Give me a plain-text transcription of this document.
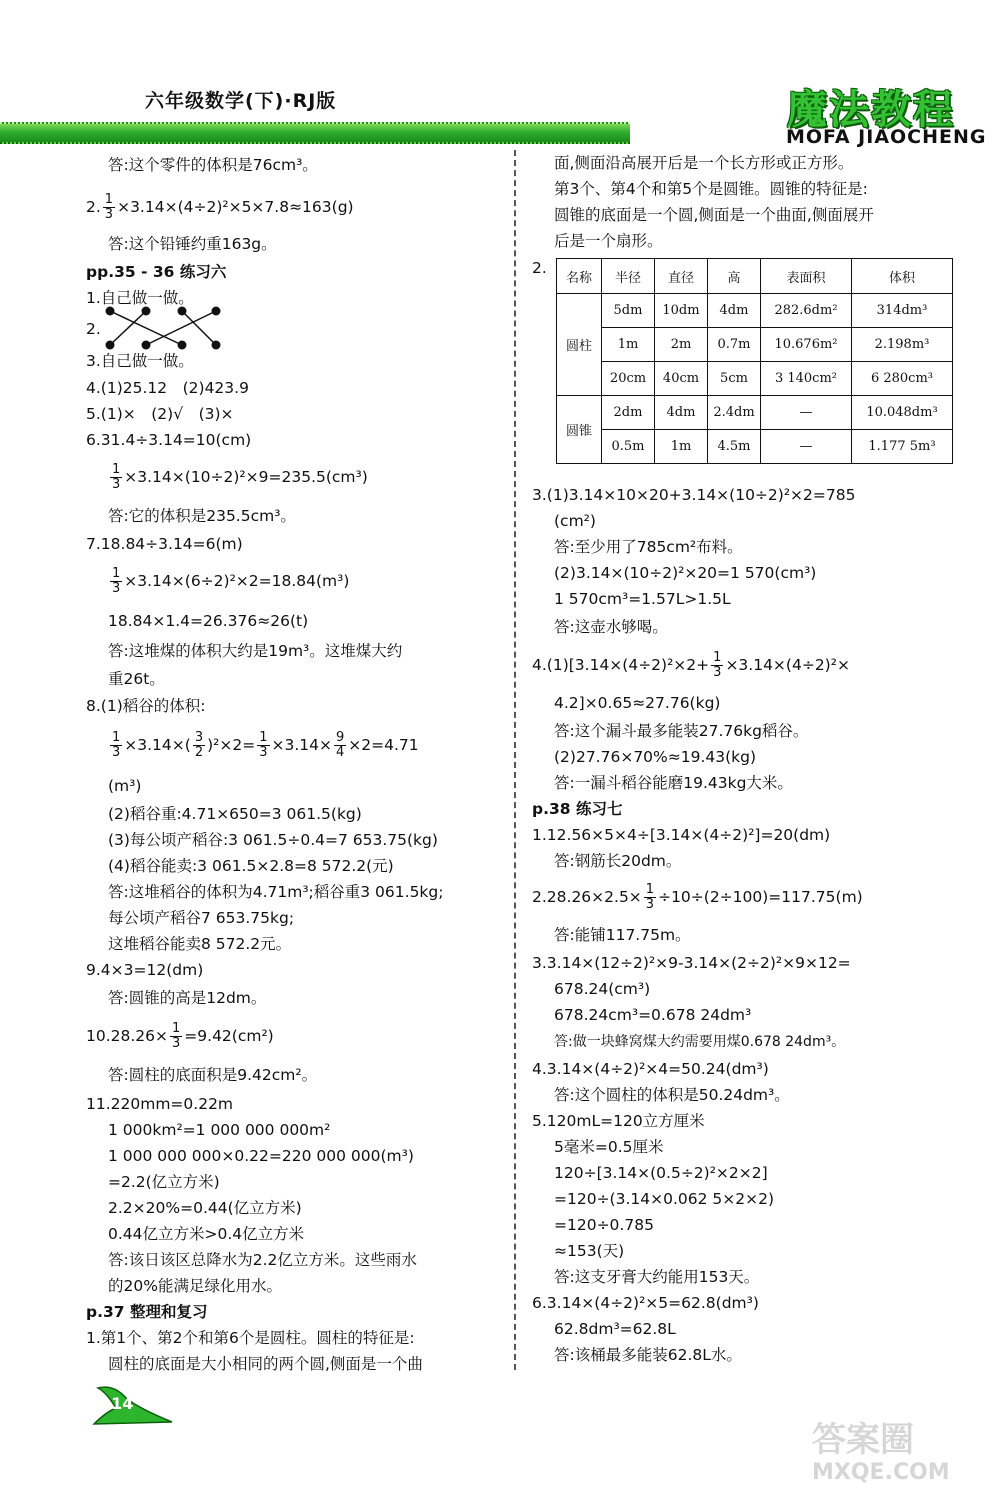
六年级数学(下)·RJ版	魔法教程
MOFA JIAOCHENG
答:这个零件的体积是76cm³。
2. $\frac{1}{3} \times 3.14\times(4\div 2)^2\times 5\times 7.8\approx 163(g)$
答:这个铅锤约重163g。
pp.35 - 36 练习六
1.自己做一做。
2.
3.自己做一做。
4.(1)25.12　(2)423.9
5.(1)×　(2)√　(3)×
6.31.4÷3.14=10(cm)
$\frac{1}{3} \times 3.14\times(10\div 2)^2\times 9=235.5(cm^3)$
答:它的体积是235.5cm³。
7.18.84÷3.14=6(m)
$\frac{1}{3} \times 3.14\times(6\div 2)^2\times 2=18.84(m^3)$
18.84×1.4=26.376≈26(t)
答:这堆煤的体积大约是19m³。这堆煤大约
重26t。
8.(1)稻谷的体积:
$\frac{1}{3} \times 3.14\times( \frac{3}{2} )^2\times 2= \frac{1}{3} \times 3.14\times \frac{9}{4} \times 2=4.71$
(m³)
(2)稻谷重:4.71×650=3 061.5(kg)
(3)每公顷产稻谷:3 061.5÷0.4=7 653.75(kg)
(4)稻谷能卖:3 061.5×2.8=8 572.2(元)
答:这堆稻谷的体积为4.71m³;稻谷重3 061.5kg;
每公顷产稻谷7 653.75kg;
这堆稻谷能卖8 572.2元。
9.4×3=12(dm)
答:圆锥的高是12dm。
$10.28.26\times \frac{1}{3} =9.42(cm^2)$
答:圆柱的底面积是9.42cm²。
11.220mm=0.22m
1 000km²=1 000 000 000m²
1 000 000 000×0.22=220 000 000(m³)
=2.2(亿立方米)
2.2×20%=0.44(亿立方米)
0.44亿立方米>0.4亿立方米
答:该日该区总降水为2.2亿立方米。这些雨水
的20%能满足绿化用水。
p.37 整理和复习
1.第1个、第2个和第6个是圆柱。圆柱的特征是:
圆柱的底面是大小相同的两个圆,侧面是一个曲
面,侧面沿高展开后是一个长方形或正方形。
第3个、第4个和第5个是圆锥。圆锥的特征是:
圆锥的底面是一个圆,侧面是一个曲面,侧面展开
后是一个扇形。
2.
3.(1)3.14×10×20+3.14×(10÷2)²×2=785
(cm²)
答:至少用了785cm²布料。
(2)3.14×(10÷2)²×20=1 570(cm³)
1 570cm³=1.57L>1.5L
答:这壶水够喝。
$4.(1)[3.14\times(4\div 2)^2\times 2+ \frac{1}{3} \times 3.14\times(4\div 2)^2\times$
4.2]×0.65≈27.76(kg)
答:这个漏斗最多能装27.76kg稻谷。
(2)27.76×70%≈19.43(kg)
答:一漏斗稻谷能磨19.43kg大米。
p.38 练习七
1.12.56×5×4÷[3.14×(4÷2)²]=20(dm)
答:钢筋长20dm。
$2.28.26\times 2.5\times \frac{1}{3} \div 10\div(2\div 100)=117.75(m)$
答:能铺117.75m。
3.3.14×(12÷2)²×9-3.14×(2÷2)²×9×12=
678.24(cm³)
678.24cm³=0.678 24dm³
答:做一块蜂窝煤大约需要用煤0.678 24dm³。
4.3.14×(4÷2)²×4=50.24(dm³)
答:这个圆柱的体积是50.24dm³。
5.120mL=120立方厘米
5毫米=0.5厘米
120÷[3.14×(0.5÷2)²×2×2]
=120÷(3.14×0.062 5×2×2)
=120÷0.785
≈153(天)
答:这支牙膏大约能用153天。
6.3.14×(4÷2)²×5=62.8(dm³)
62.8dm³=62.8L
答:该桶最多能装62.8L水。
名称	半径	直径	高	表面积	体积
圆柱	5dm	10dm	4dm	282.6dm²	314dm³
	1m	2m	0.7m	10.676m²	2.198m³
	20cm	40cm	5cm	3 140cm²	6 280cm³
圆锥	2dm	4dm	2.4dm	—	10.048dm³
	0.5m	1m	4.5m	—	1.177 5m³
114
答案圈
MXQE.COM
